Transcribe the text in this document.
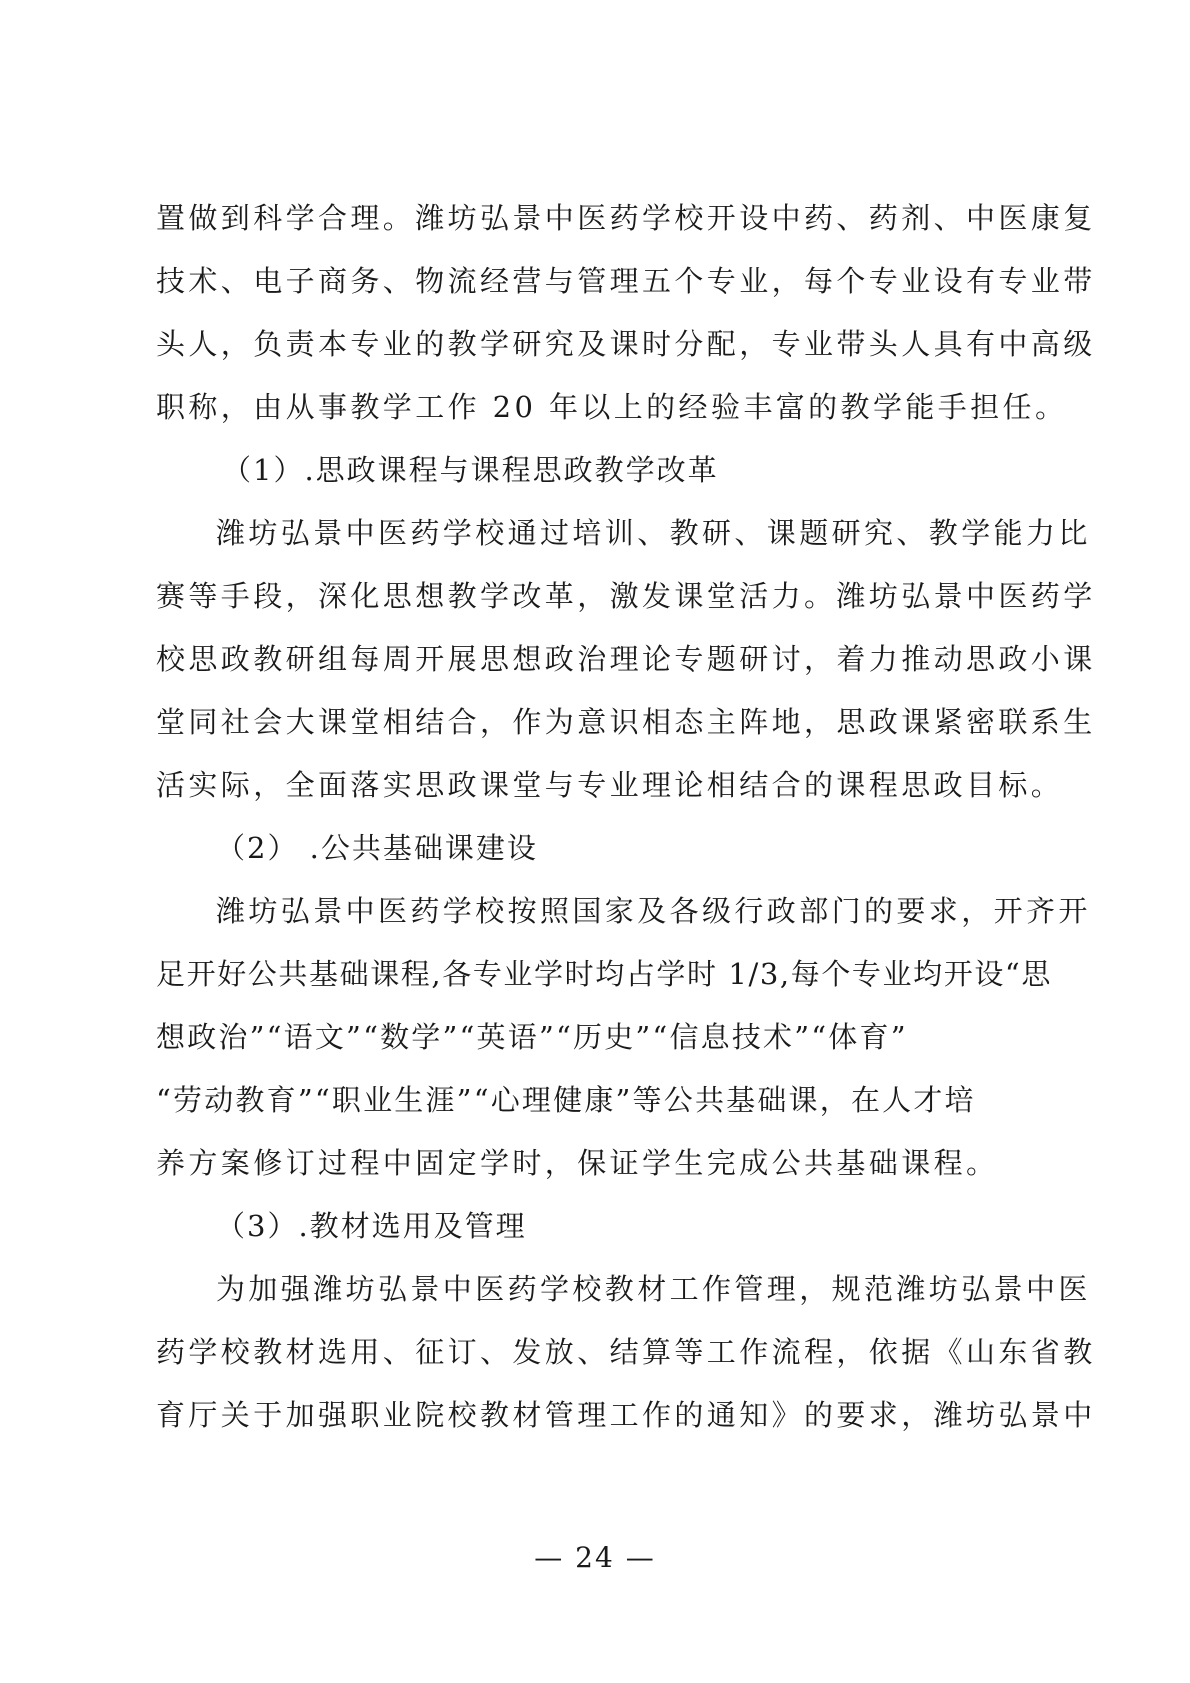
置做到科学合理。潍坊弘景中医药学校开设中药、药剂、中医康复
技术、电子商务、物流经营与管理五个专业，每个专业设有专业带
头人，负责本专业的教学研究及课时分配，专业带头人具有中高级
职称，由从事教学工作 20 年以上的经验丰富的教学能手担任。
（1）.思政课程与课程思政教学改革
潍坊弘景中医药学校通过培训、教研、课题研究、教学能力比
赛等手段，深化思想教学改革，激发课堂活力。潍坊弘景中医药学
校思政教研组每周开展思想政治理论专题研讨，着力推动思政小课
堂同社会大课堂相结合，作为意识相态主阵地，思政课紧密联系生
活实际，全面落实思政课堂与专业理论相结合的课程思政目标。
（2） .公共基础课建设
潍坊弘景中医药学校按照国家及各级行政部门的要求，开齐开
足开好公共基础课程,各专业学时均占学时 1/3,每个专业均开设“思
想政治”“语文”“数学”“英语”“历史”“信息技术”“体育”
“劳动教育”“职业生涯”“心理健康”等公共基础课，在人才培
养方案修订过程中固定学时，保证学生完成公共基础课程。
（3）.教材选用及管理
为加强潍坊弘景中医药学校教材工作管理，规范潍坊弘景中医
药学校教材选用、征订、发放、结算等工作流程，依据《山东省教
育厅关于加强职业院校教材管理工作的通知》的要求，潍坊弘景中
— 24 —
